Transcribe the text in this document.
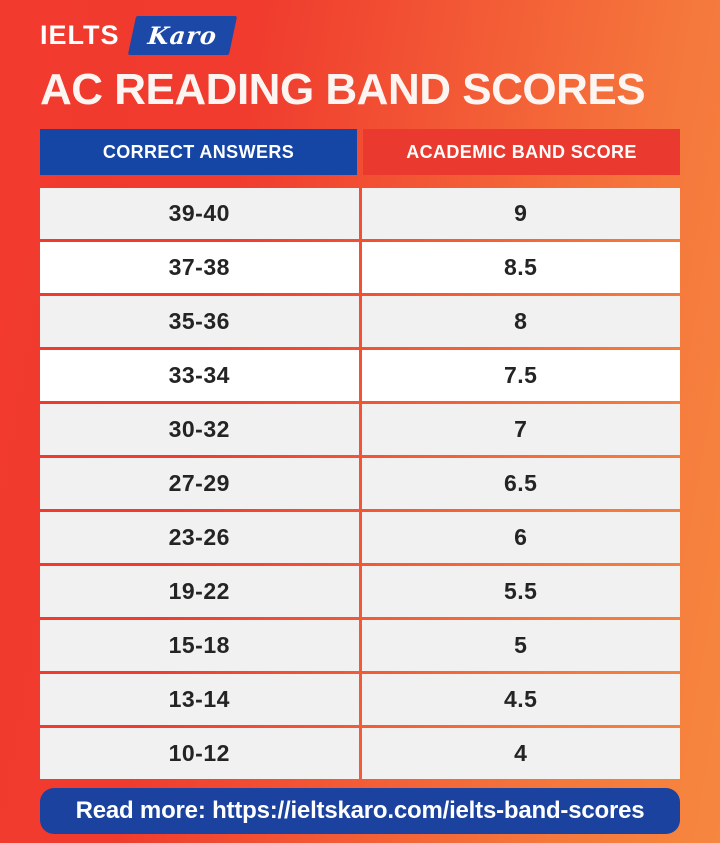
IELTS	Karo
AC READING BAND SCORES
CORRECT ANSWERS	ACADEMIC BAND SCORE
39-40	9
37-38	8.5
35-36	8
33-34	7.5
30-32	7
27-29	6.5
23-26	6
19-22	5.5
15-18	5
13-14	4.5
10-12	4
Read more: https://ieltskaro.com/ielts-band-scores
